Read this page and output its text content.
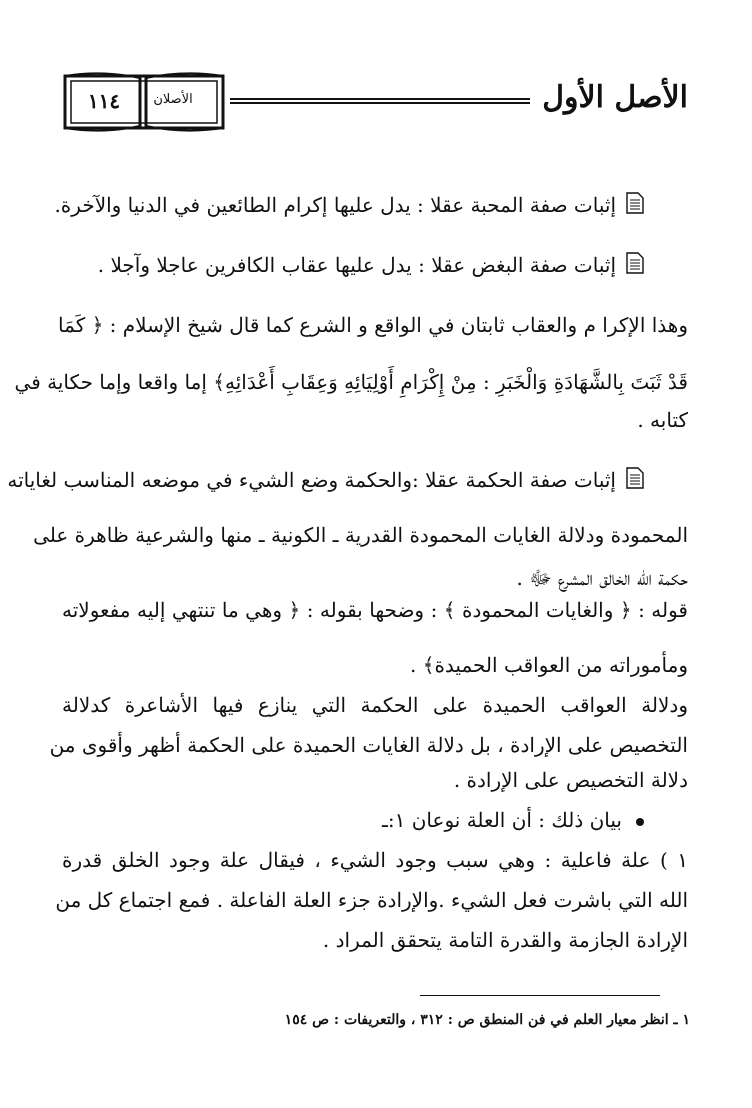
١١٤	الأصلان	الأصل الأول
إثبات صفة المحبة عقلا : يدل عليها إكرام الطائعين في الدنيا والآخرة.
إثبات صفة البغض عقلا : يدل عليها عقاب الكافرين عاجلا وآجلا .
وهذا الإكرا م والعقاب ثابتان في الواقع و الشرع كما قال شيخ الإسلام : ﴿ كَمَا
قَدْ ثَبَتَ بِالشَّهَادَةِ وَالْخَبَرِ : مِنْ إِكْرَامِ أَوْلِيَائِهِ وَعِقَابِ أَعْدَائِهِ﴾ إما واقعا وإما حكاية في
كتابه .
إثبات صفة الحكمة عقلا :والحكمة وضع الشيء في موضعه المناسب لغاياته
المحمودة ودلالة الغايات المحمودة القدرية ـ الكونية ـ منها والشرعية ظاهرة على
حكمة الله الخالق المشرع ﷻ .
قوله : ﴿ والغايات المحمودة ﴾ : وضحها بقوله : ﴿ وهي ما تنتهي إليه مفعولاته
ومأموراته من العواقب الحميدة﴾ .
ودلالة العواقب الحميدة على الحكمة التي ينازع فيها الأشاعرة كدلالة
التخصيص على الإرادة ، بل دلالة الغايات الحميدة على الحكمة أظهر وأقوى من
دلالة التخصيص على الإرادة .
بيان ذلك : أن العلة نوعان ١:ـ
١ ) علة فاعلية : وهي سبب وجود الشيء ، فيقال علة وجود الخلق قدرة
الله التي باشرت فعل الشيء .والإرادة جزء العلة الفاعلة . فمع اجتماع كل من
الإرادة الجازمة والقدرة التامة يتحقق المراد .
١ ـ انظر معيار العلم في فن المنطق ص : ٣١٢ ، والتعريفات : ص ١٥٤
